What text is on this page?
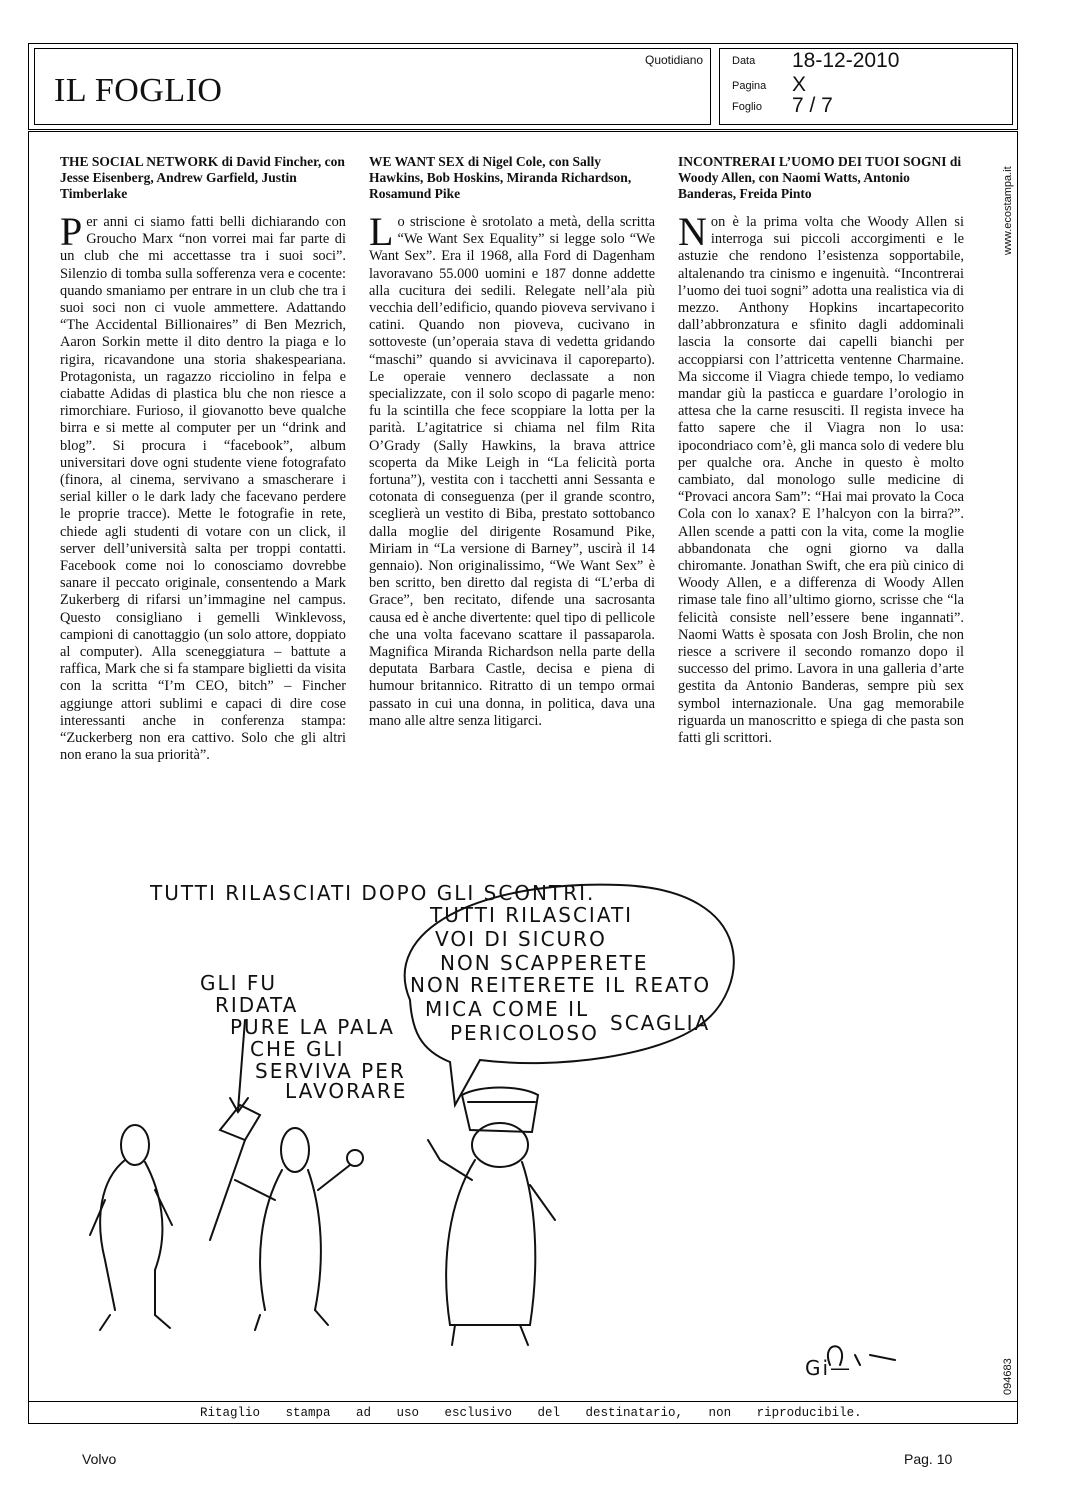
IL FOGLIO
Quotidiano	Data 18-12-2010
Pagina X
Foglio 7 / 7
www.ecostampa.it
094683

THE SOCIAL NETWORK di David Fincher, con Jesse Eisenberg, Andrew Garfield, Justin Timberlake

Per anni ci siamo fatti belli dichiarando con Groucho Marx “non vorrei mai far parte di un club che mi accettasse tra i suoi soci”. Silenzio di tomba sulla sofferenza vera e cocente: quando smaniamo per entrare in un club che tra i suoi soci non ci vuole ammettere. Adattando “The Accidental Billionaires” di Ben Mezrich, Aaron Sorkin mette il dito dentro la piaga e lo rigira, ricavandone una storia shakespeariana. Protagonista, un ragazzo ricciolino in felpa e ciabatte Adidas di plastica blu che non riesce a rimorchiare. Furioso, il giovanotto beve qualche birra e si mette al computer per un “drink and blog”. Si procura i “facebook”, album universitari dove ogni studente viene fotografato (finora, al cinema, servivano a smascherare i serial killer o le dark lady che facevano perdere le proprie tracce). Mette le fotografie in rete, chiede agli studenti di votare con un click, il server dell’università salta per troppi contatti. Facebook come noi lo conosciamo dovrebbe sanare il peccato originale, consentendo a Mark Zukerberg di rifarsi un’immagine nel campus. Questo consigliano i gemelli Winklevoss, campioni di canottaggio (un solo attore, doppiato al computer). Alla sceneggiatura – battute a raffica, Mark che si fa stampare biglietti da visita con la scritta “I’m CEO, bitch” – Fincher aggiunge attori sublimi e capaci di dire cose interessanti anche in conferenza stampa: “Zuckerberg non era cattivo. Solo che gli altri non erano la sua priorità”.

WE WANT SEX di Nigel Cole, con Sally Hawkins, Bob Hoskins, Miranda Richardson, Rosamund Pike

Lo striscione è srotolato a metà, della scritta “We Want Sex Equality” si legge solo “We Want Sex”. Era il 1968, alla Ford di Dagenham lavoravano 55.000 uomini e 187 donne addette alla cucitura dei sedili. Relegate nell’ala più vecchia dell’edificio, quando pioveva servivano i catini. Quando non pioveva, cucivano in sottoveste (un’operaia stava di vedetta gridando “maschi” quando si avvicinava il caporeparto). Le operaie vennero declassate a non specializzate, con il solo scopo di pagarle meno: fu la scintilla che fece scoppiare la lotta per la parità. L’agitatrice si chiama nel film Rita O’Grady (Sally Hawkins, la brava attrice scoperta da Mike Leigh in “La felicità porta fortuna”), vestita con i tacchetti anni Sessanta e cotonata di conseguenza (per il grande scontro, sceglierà un vestito di Biba, prestato sottobanco dalla moglie del dirigente Rosamund Pike, Miriam in “La versione di Barney”, uscirà il 14 gennaio). Non originalissimo, “We Want Sex” è ben scritto, ben diretto dal regista di “L’erba di Grace”, ben recitato, difende una sacrosanta causa ed è anche divertente: quel tipo di pellicole che una volta facevano scattare il passaparola. Magnifica Miranda Richardson nella parte della deputata Barbara Castle, decisa e piena di humour britannico. Ritratto di un tempo ormai passato in cui una donna, in politica, dava una mano alle altre senza litigarci.

INCONTRERAI L’UOMO DEI TUOI SOGNI di Woody Allen, con Naomi Watts, Antonio Banderas, Freida Pinto

Non è la prima volta che Woody Allen si interroga sui piccoli accorgimenti e le astuzie che rendono l’esistenza sopportabile, altalenando tra cinismo e ingenuità. “Incontrerai l’uomo dei tuoi sogni” adotta una realistica via di mezzo. Anthony Hopkins incartapecorito dall’abbronzatura e sfinito dagli addominali lascia la consorte dai capelli bianchi per accoppiarsi con l’attricetta ventenne Charmaine. Ma siccome il Viagra chiede tempo, lo vediamo mandar giù la pasticca e guardare l’orologio in attesa che la carne resusciti. Il regista invece ha fatto sapere che il Viagra non lo usa: ipocondriaco com’è, gli manca solo di vedere blu per qualche ora. Anche in questo è molto cambiato, dal monologo sulle medicine di “Provaci ancora Sam”: “Hai mai provato la Coca Cola con lo xanax? E l’halcyon con la birra?”. Allen scende a patti con la vita, come la moglie abbandonata che ogni giorno va dalla chiromante. Jonathan Swift, che era più cinico di Woody Allen, e a differenza di Woody Allen rimase tale fino all’ultimo giorno, scrisse che “la felicità consiste nell’essere bene ingannati”. Naomi Watts è sposata con Josh Brolin, che non riesce a scrivere il secondo romanzo dopo il successo del primo. Lavora in una galleria d’arte gestita da Antonio Banderas, sempre più sex symbol internazionale. Una gag memorabile riguarda un manoscritto e spiega di che pasta son fatti gli scrittori.

TUTTI RILASCIATI DOPO GLI SCONTRI.
GLI FU
RIDATA
PURE LA PALA
CHE GLI
SERVIVA PER
LAVORARE
TUTTI RILASCIATI
VOI DI SICURO
NON SCAPPERETE
NON REITERETE IL REATO
MICA COME IL
PERICOLOSO SCAGLIA
Gi—
Ritaglio stampa ad uso esclusivo del destinatario, non riproducibile.
Volvo	Pag. 10
